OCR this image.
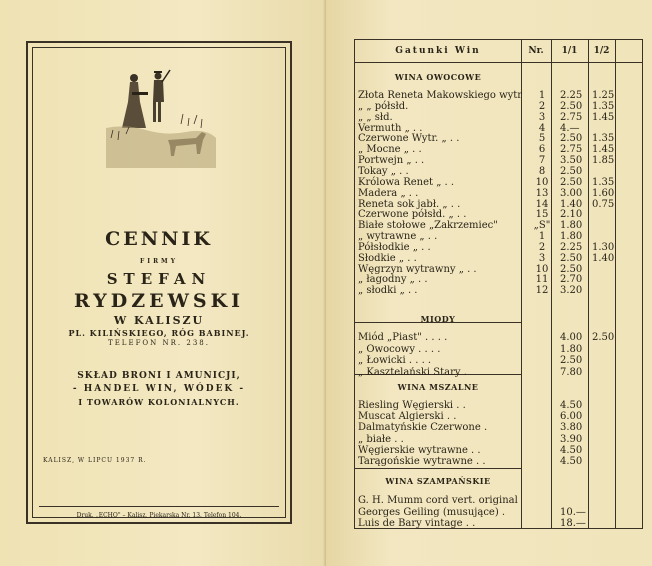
CENNIK
FIRMY
STEFAN
RYDZEWSKI
W KALISZU
PL. KILIŃSKIEGO, RÓG BABINEJ.
TELEFON NR. 238.
SKŁAD BRONI I AMUNICJI,
- HANDEL WIN, WÓDEK -
I TOWARÓW KOLONIALNYCH.
KALISZ, W LIPCU 1937 R.
Druk. „ECHO" – Kalisz, Piekarska Nr. 13. Telefon 104.
Gatunki Win	Nr.	1/1	1/2
WINA OWOCOWE
Złota Reneta Makowskiego wytr	1	2.25 1.25
„ „ półsłd.	2	2.50 1.35
„ „ słd.	3	2.75 1.45
Vermuth „ . .	4	4.—
Czerwone Wytr. „ . .	5	2.50 1.35
„ Mocne „ . .	6	2.75 1.45
Portwejn „ . .	7	3.50 1.85
Tokay „ . .	8	2.50
Królowa Renet „ . .	10	2.50 1.35
Madera „ . .	13	3.00 1.60
Reneta sok jabł. „ . .	14	1.40 0.75
Czerwone półsłd. „ . .	15	2.10
Białe stołowe „Zakrzemiec"	„S" 1.80
„ wytrawne „ . .	1	1.80
Półsłodkie „ . .	2	2.25 1.30
Słodkie „ . .	3	2.50 1.40
Węgrzyn wytrawny „ . .	10	2.50
„ łagodny „ . .	11	2.70
„ słodki „ . .	12	3.20
MIODY
Miód „Piast" . . . .	4.00 2.50
„ Owocowy . . . .	1.80
„ Łowicki . . . .	2.50
„ Kasztelański Stary .	7.80
WINA MSZALNE
Riesling Węgierski . .	4.50
Muscat Algierski . .	6.00
Dalmatyńskie Czerwone .	3.80
„ białe . .	3.90
Węgierskie wytrawne . .	4.50
Tarągońskie wytrawne . .	4.50
WINA SZAMPAŃSKIE
G. H. Mumm cord vert. original
Georges Geiling (musujące) .	10.—
Luis de Bary vintage . .	18.—
